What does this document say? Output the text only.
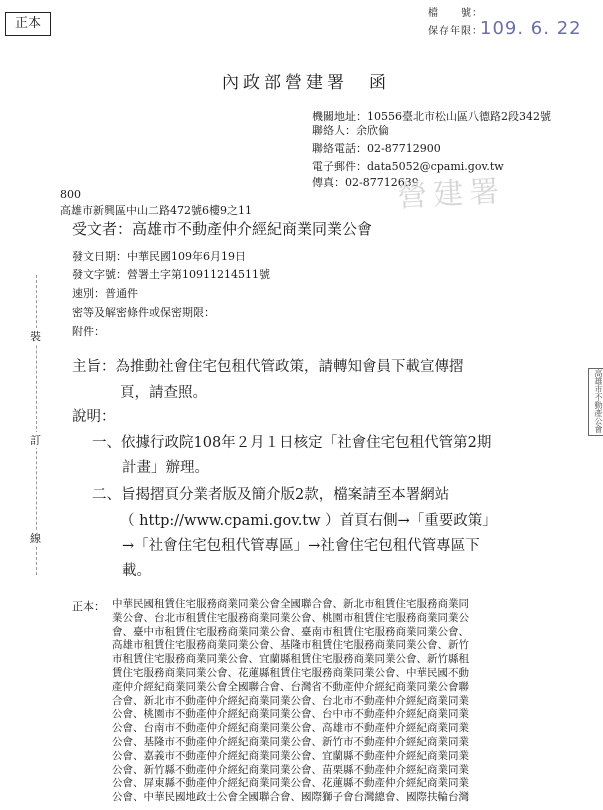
正本
檔　　號：
保存年限：
109. 6. 22
內政部營建署　函
機關地址：10556臺北市松山區八德路2段342號
聯絡人：余欣倫
聯絡電話：02-87712900
電子郵件：data5052@cpami.gov.tw
傳真：02-87712639
營建署
800
高雄市新興區中山二路472號6樓9之11
受文者：高雄市不動產仲介經紀商業同業公會
發文日期：中華民國109年6月19日
發文字號：營署土字第10911214511號
速別：普通件
密等及解密條件或保密期限：
附件：
裝
訂
線
高雄市不動產公會
主旨：為推動社會住宅包租代管政策，請轉知會員下載宣傳摺
頁，請查照。
說明：
一、依據行政院108年２月１日核定「社會住宅包租代管第2期
計畫」辦理。
二、旨揭摺頁分業者版及簡介版2款，檔案請至本署網站
（ http://www.cpami.gov.tw ）首頁右側→「重要政策」
→「社會住宅包租代管專區」→社會住宅包租代管專區下
載。
正本： 中華民國租賃住宅服務商業同業公會全國聯合會、新北市租賃住宅服務商業同
業公會、台北市租賃住宅服務商業同業公會、桃園市租賃住宅服務商業同業公
會、臺中市租賃住宅服務商業同業公會、臺南市租賃住宅服務商業同業公會、
高雄市租賃住宅服務商業同業公會、基隆市租賃住宅服務商業同業公會、新竹
市租賃住宅服務商業同業公會、宜蘭縣租賃住宅服務商業同業公會、新竹縣租
賃住宅服務商業同業公會、花蓮縣租賃住宅服務商業同業公會、中華民國不動
產仲介經紀商業同業公會全國聯合會、台灣省不動產仲介經紀商業同業公會聯
合會、新北市不動產仲介經紀商業同業公會、台北市不動產仲介經紀商業同業
公會、桃園市不動產仲介經紀商業同業公會、台中市不動產仲介經紀商業同業
公會、台南市不動產仲介經紀商業同業公會、高雄市不動產仲介經紀商業同業
公會、基隆市不動產仲介經紀商業同業公會、新竹市不動產仲介經紀商業同業
公會、嘉義市不動產仲介經紀商業同業公會、宜蘭縣不動產仲介經紀商業同業
公會、新竹縣不動產仲介經紀商業同業公會、苗栗縣不動產仲介經紀商業同業
公會、屏東縣不動產仲介經紀商業同業公會、花蓮縣不動產仲介經紀商業同業
公會、中華民國地政士公會全國聯合會、國際獅子會台灣總會、國際扶輪台灣
